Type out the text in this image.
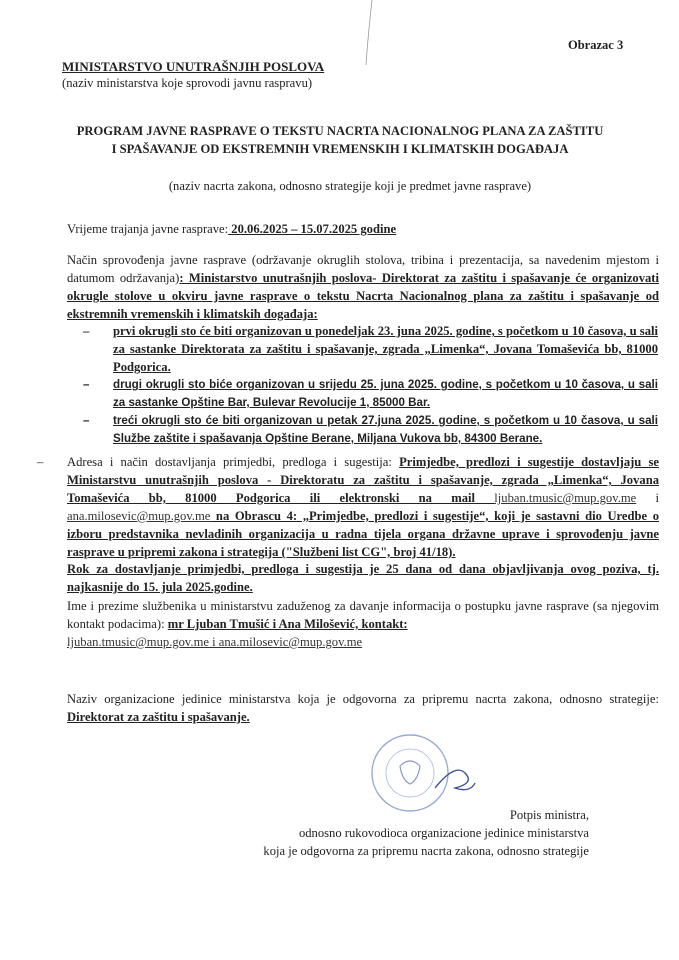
Obrazac 3
MINISTARSTVO UNUTRAŠNJIH POSLOVA
(naziv ministarstva koje sprovodi javnu raspravu)
PROGRAM JAVNE RASPRAVE O TEKSTU NACRTA NACIONALNOG PLANA ZA ZAŠTITU
I SPAŠAVANJE OD EKSTREMNIH VREMENSKIH I KLIMATSKIH DOGAĐAJA
(naziv nacrta zakona, odnosno strategije koji je predmet javne rasprave)
Vrijeme trajanja javne rasprave: 20.06.2025 – 15.07.2025 godine
Način sprovođenja javne rasprave (održavanje okruglih stolova, tribina i prezentacija, sa navedenim mjestom i datumom održavanja): Ministarstvo unutrašnjih poslova- Direktorat za zaštitu i spašavanje će organizovati okrugle stolove u okviru javne rasprave o tekstu Nacrta Nacionalnog plana za zaštitu i spašavanje od ekstremnih vremenskih i klimatskih događaja:
– prvi okrugli sto će biti organizovan u ponedeljak 23. juna 2025. godine, s početkom u 10 časova, u sali za sastanke Direktorata za zaštitu i spašavanje, zgrada „Limenka“, Jovana Tomaševića bb, 81000 Podgorica.
– drugi okrugli sto biće organizovan u srijedu 25. juna 2025. godine, s početkom u 10 časova, u sali za sastanke Opštine Bar, Bulevar Revolucije 1, 85000 Bar.
– treći okrugli sto će biti organizovan u petak 27.juna 2025. godine, s početkom u 10 časova, u sali Službe zaštite i spašavanja Opštine Berane, Miljana Vukova bb, 84300 Berane.
– Adresa i način dostavljanja primjedbi, predloga i sugestija: Primjedbe, predlozi i sugestije dostavljaju se Ministarstvu unutrašnjih poslova - Direktoratu za zaštitu i spašavanje, zgrada „Limenka“, Jovana Tomaševića bb, 81000 Podgorica ili elektronski na mail ljuban.tmusic@mup.gov.me i ana.milosevic@mup.gov.me na Obrascu 4: „Primjedbe, predlozi i sugestije“, koji je sastavni dio Uredbe o izboru predstavnika nevladinih organizacija u radna tijela organa državne uprave i sprovođenju javne rasprave u pripremi zakona i strategija ("Službeni list CG", broj 41/18).
Rok za dostavljanje primjedbi, predloga i sugestija je 25 dana od dana objavljivanja ovog poziva, tj. najkasnije do 15. jula 2025.godine.
Ime i prezime službenika u ministarstvu zaduženog za davanje informacija o postupku javne rasprave (sa njegovim kontakt podacima): mr Ljuban Tmušić i Ana Milošević, kontakt:
ljuban.tmusic@mup.gov.me i ana.milosevic@mup.gov.me
Naziv organizacione jedinice ministarstva koja je odgovorna za pripremu nacrta zakona, odnosno strategije: Direktorat za zaštitu i spašavanje.
Potpis ministra,
odnosno rukovodioca organizacione jedinice ministarstva
koja je odgovorna za pripremu nacrta zakona, odnosno strategije
